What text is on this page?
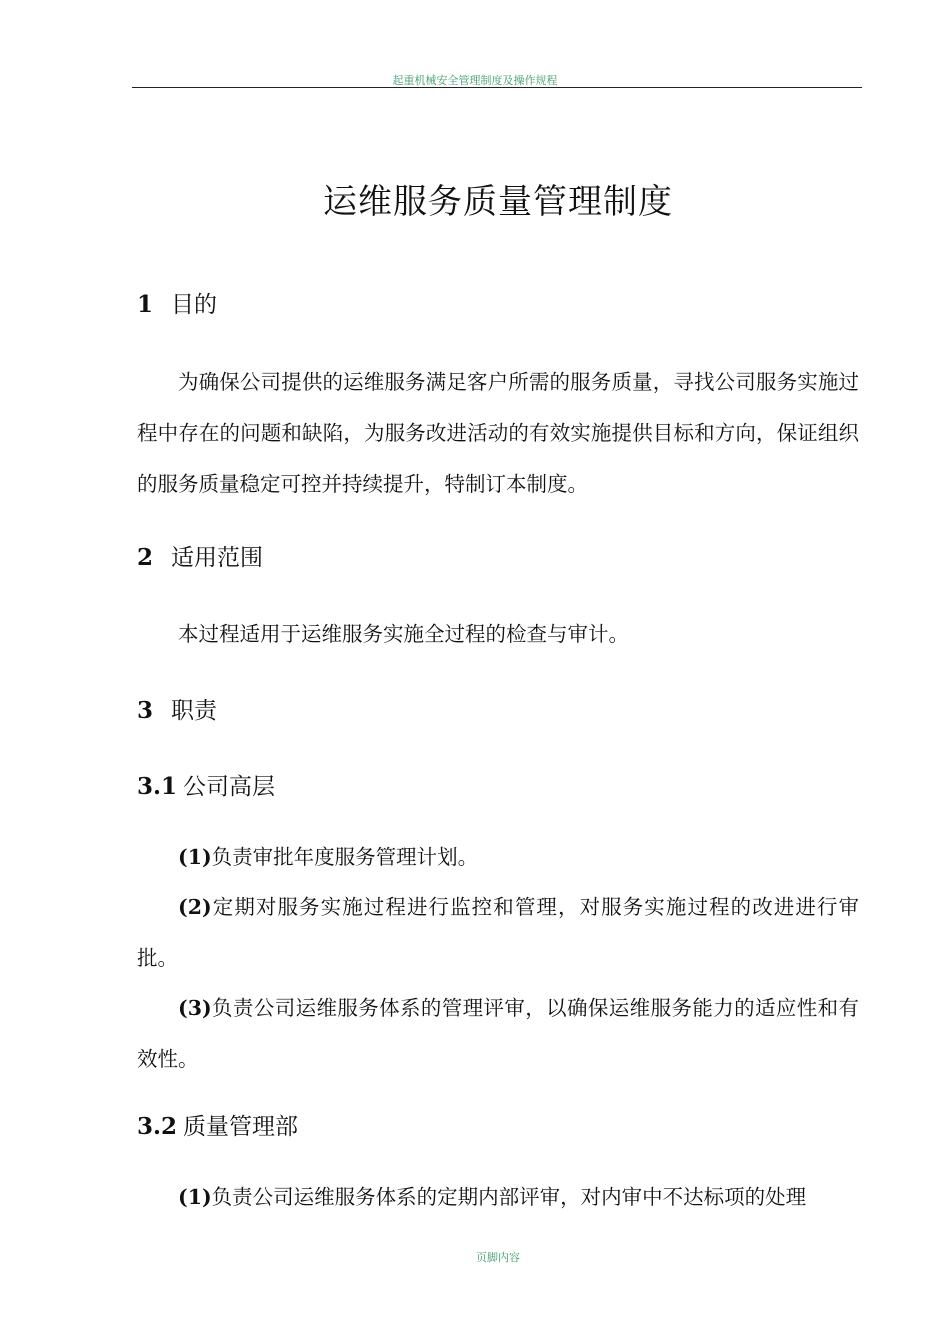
起重机械安全管理制度及操作规程
运维服务质量管理制度
1 目的

为确保公司提供的运维服务满足客户所需的服务质量，寻找公司服务实施过程中存在的问题和缺陷，为服务改进活动的有效实施提供目标和方向，保证组织的服务质量稳定可控并持续提升，特制订本制度。

2 适用范围

本过程适用于运维服务实施全过程的检查与审计。

3 职责
3.1 公司高层

(1)负责审批年度服务管理计划。

(2)定期对服务实施过程进行监控和管理，对服务实施过程的改进进行审批。

(3)负责公司运维服务体系的管理评审，以确保运维服务能力的适应性和有效性。

3.2 质量管理部

(1)负责公司运维服务体系的定期内部评审，对内审中不达标项的处理

页脚内容
